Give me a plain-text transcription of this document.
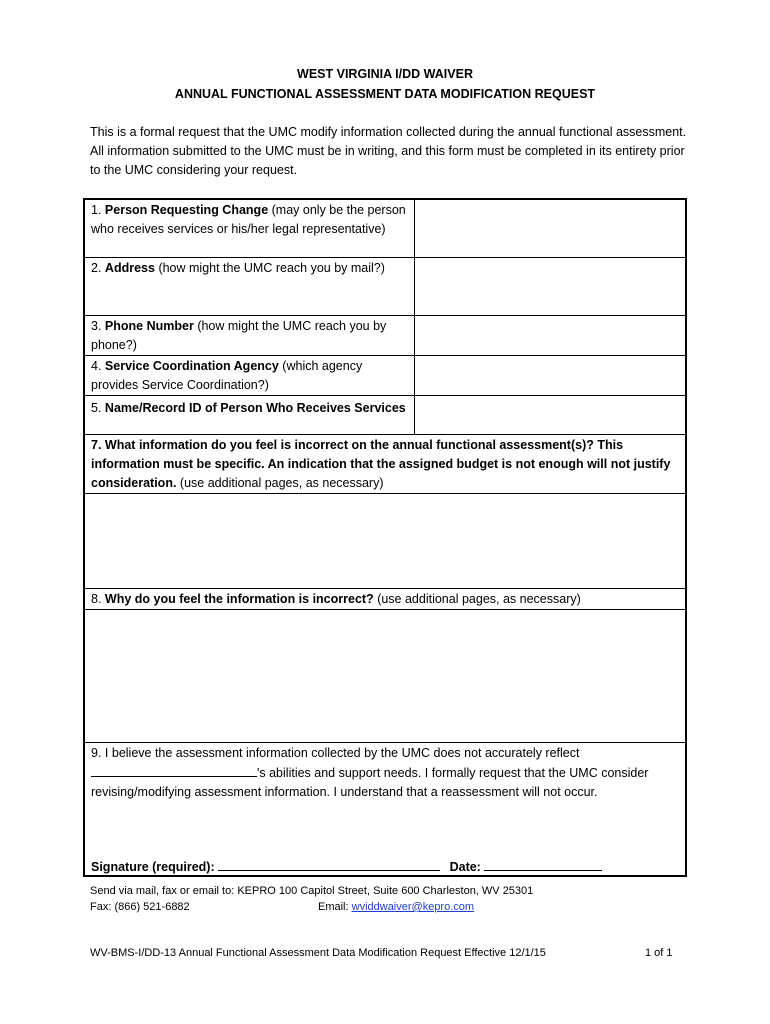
WEST VIRGINIA I/DD WAIVER
ANNUAL FUNCTIONAL ASSESSMENT DATA MODIFICATION REQUEST
This is a formal request that the UMC modify information collected during the annual functional assessment. All information submitted to the UMC must be in writing, and this form must be completed in its entirety prior to the UMC considering your request.
1. Person Requesting Change (may only be the person who receives services or his/her legal representative)	
2. Address (how might the UMC reach you by mail?)	
3. Phone Number (how might the UMC reach you by phone?)	
4. Service Coordination Agency (which agency provides Service Coordination?)	
5. Name/Record ID of Person Who Receives Services	
7. What information do you feel is incorrect on the annual functional assessment(s)? This information must be specific. An indication that the assigned budget is not enough will not justify consideration. (use additional pages, as necessary)	

8. Why do you feel the information is incorrect? (use additional pages, as necessary)	

9. I believe the assessment information collected by the UMC does not accurately reflect
's abilities and support needs. I formally request that the UMC consider revising/modifying assessment information. I understand that a reassessment will not occur.
Signature (required): Date:	
Send via mail, fax or email to: KEPRO 100 Capitol Street, Suite 600 Charleston, WV 25301
Fax: (866) 521-6882	Email: wviddwaiver@kepro.com
WV-BMS-I/DD-13 Annual Functional Assessment Data Modification Request Effective 12/1/15	1 of 1
